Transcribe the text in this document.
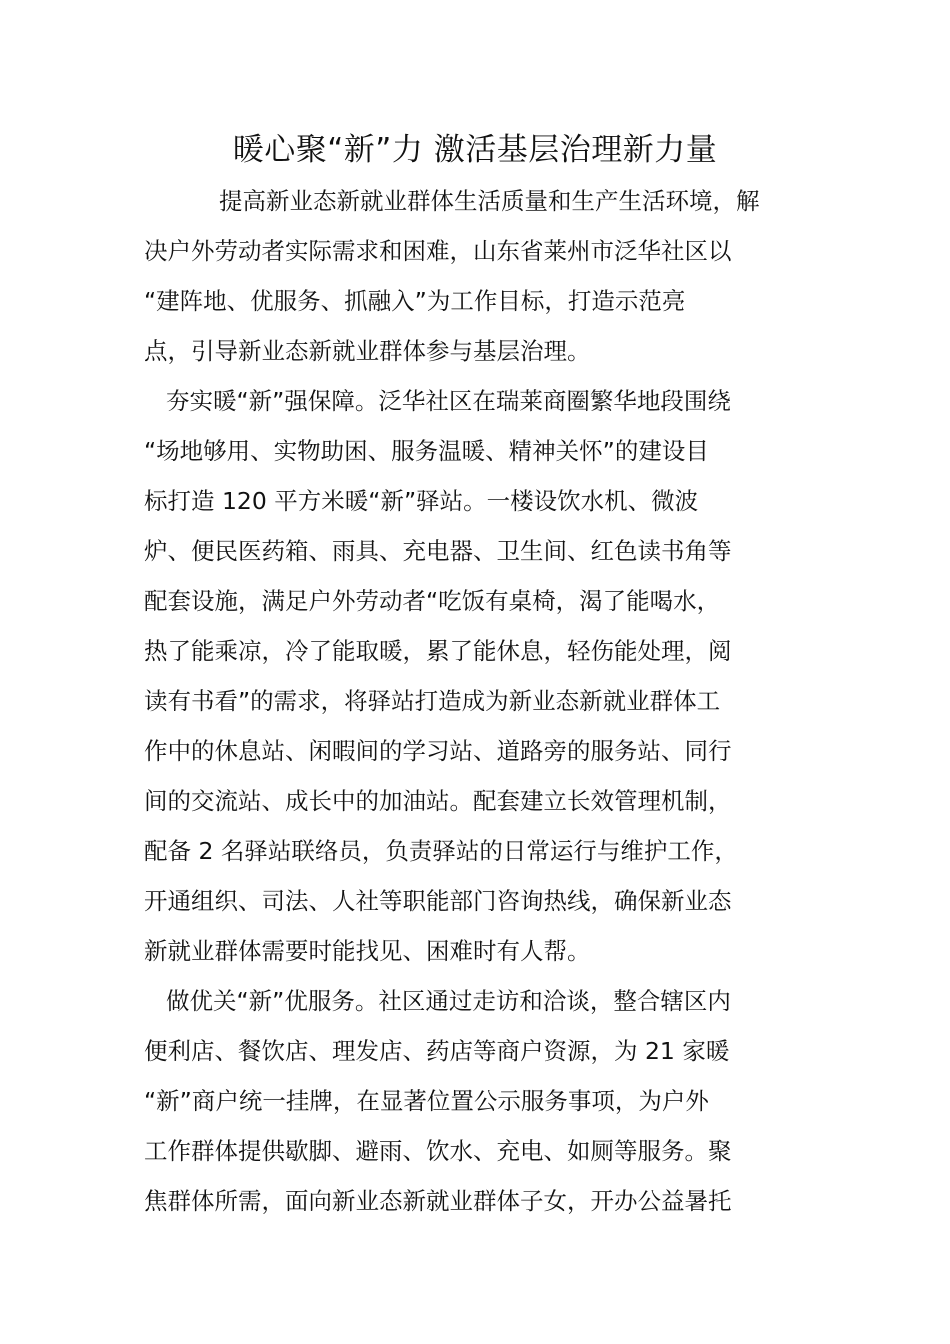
暖心聚“新”力 激活基层治理新力量
提高新业态新就业群体生活质量和生产生活环境，解
决户外劳动者实际需求和困难，山东省莱州市泛华社区以
“建阵地、优服务、抓融入”为工作目标，打造示范亮
点，引导新业态新就业群体参与基层治理。
夯实暖“新”强保障。泛华社区在瑞莱商圈繁华地段围绕
“场地够用、实物助困、服务温暖、精神关怀”的建设目
标打造 120 平方米暖“新”驿站。一楼设饮水机、微波
炉、便民医药箱、雨具、充电器、卫生间、红色读书角等
配套设施，满足户外劳动者“吃饭有桌椅，渴了能喝水，
热了能乘凉，冷了能取暖，累了能休息，轻伤能处理，阅
读有书看”的需求，将驿站打造成为新业态新就业群体工
作中的休息站、闲暇间的学习站、道路旁的服务站、同行
间的交流站、成长中的加油站。配套建立长效管理机制，
配备 2 名驿站联络员，负责驿站的日常运行与维护工作，
开通组织、司法、人社等职能部门咨询热线，确保新业态
新就业群体需要时能找见、困难时有人帮。
做优关“新”优服务。社区通过走访和洽谈，整合辖区内
便利店、餐饮店、理发店、药店等商户资源，为 21 家暖
“新”商户统一挂牌，在显著位置公示服务事项，为户外
工作群体提供歇脚、避雨、饮水、充电、如厕等服务。聚
焦群体所需，面向新业态新就业群体子女，开办公益暑托
